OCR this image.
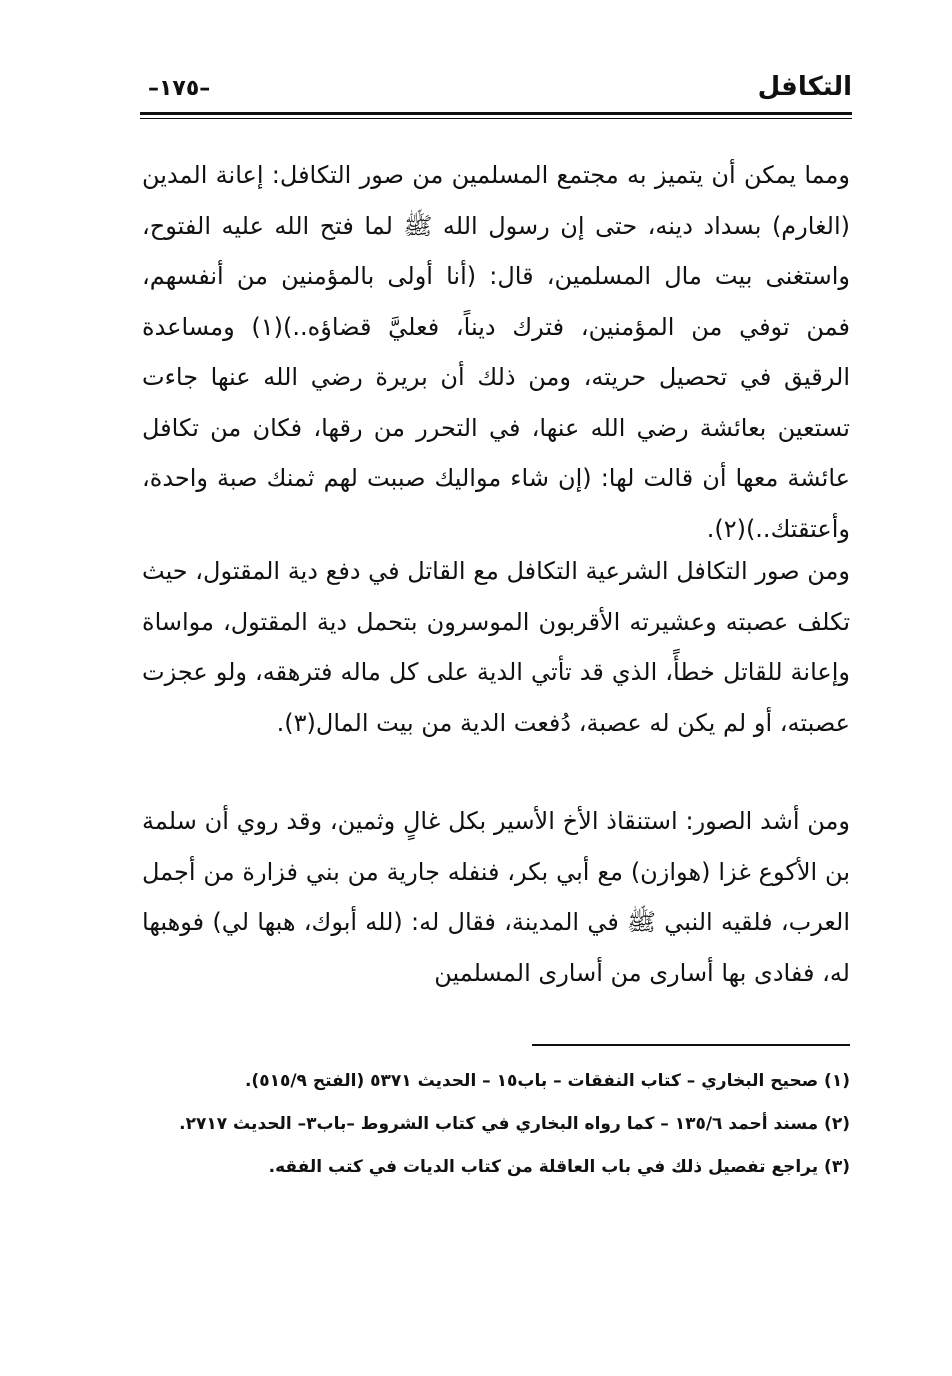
التكافل
–١٧٥–

ومما يمكن أن يتميز به مجتمع المسلمين من صور التكافل: إعانة المدين (الغارم) بسداد دينه، حتى إن رسول الله ﷺ لما فتح الله عليه الفتوح، واستغنى بيت مال المسلمين، قال: (أنا أولى بالمؤمنين من أنفسهم، فمن توفي من المؤمنين، فترك ديناً، فعليَّ قضاؤه..)(١) ومساعدة الرقيق في تحصيل حريته، ومن ذلك أن بريرة رضي الله عنها جاءت تستعين بعائشة رضي الله عنها، في التحرر من رقها، فكان من تكافل عائشة معها أن قالت لها: (إن شاء مواليك صببت لهم ثمنك صبة واحدة، وأعتقتك..)(٢).

ومن صور التكافل الشرعية التكافل مع القاتل في دفع دية المقتول، حيث تكلف عصبته وعشيرته الأقربون الموسرون بتحمل دية المقتول، مواساة وإعانة للقاتل خطأً، الذي قد تأتي الدية على كل ماله فترهقه، ولو عجزت عصبته، أو لم يكن له عصبة، دُفعت الدية من بيت المال(٣).

ومن أشد الصور: استنقاذ الأخ الأسير بكل غالٍ وثمين، وقد روي أن سلمة بن الأكوع غزا (هوازن) مع أبي بكر، فنفله جارية من بني فزارة من أجمل العرب، فلقيه النبي ﷺ في المدينة، فقال له: (لله أبوك، هبها لي) فوهبها له، ففادى بها أسارى من أسارى المسلمين

(١) صحيح البخاري – كتاب النفقات – باب١٥ – الحديث ٥٣٧١ (الفتح ٥١٥/٩).

(٢) مسند أحمد ١٣٥/٦ – كما رواه البخاري في كتاب الشروط –باب٣– الحديث ٢٧١٧.

(٣) يراجع تفصيل ذلك في باب العاقلة من كتاب الديات في كتب الفقه.
